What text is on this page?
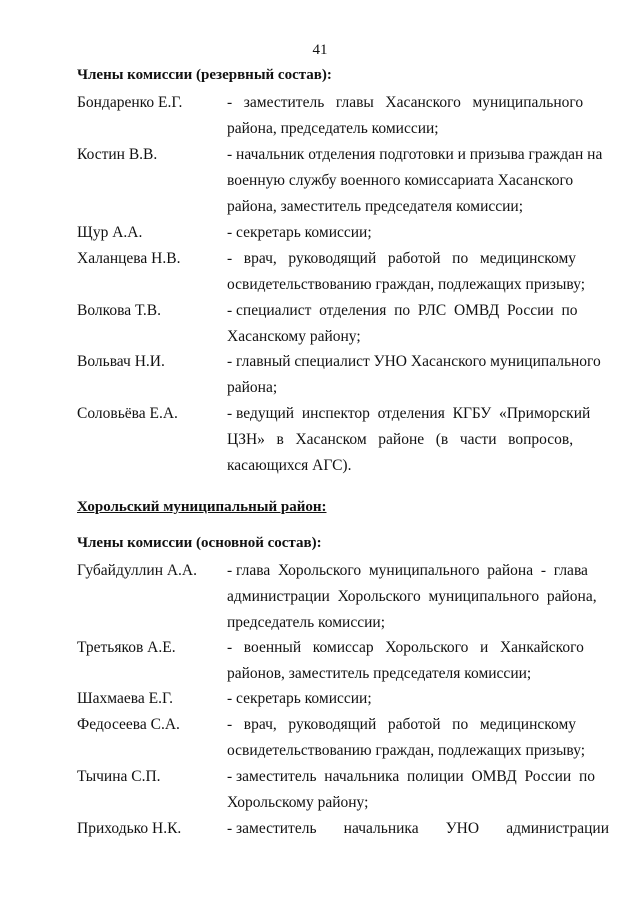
41
Члены комиссии (резервный состав):
Бондаренко Е.Г.	-   заместитель   главы   Хасанского   муниципального
района, председатель комиссии;
Костин В.В.	- начальник отделения подготовки и призыва граждан на
военную службу военного комиссариата Хасанского
района, заместитель председателя комиссии;
Щур А.А.	- секретарь комиссии;
Халанцева Н.В.	-   врач,   руководящий   работой   по   медицинскому
освидетельствованию граждан, подлежащих призыву;
Волкова Т.В.	- специалист  отделения  по  РЛС  ОМВД  России  по
Хасанскому району;
Вольвач Н.И.	- главный специалист УНО Хасанского муниципального
района;
Соловьёва Е.А.	- ведущий  инспектор  отделения  КГБУ  «Приморский
ЦЗН»   в   Хасанском   районе   (в   части   вопросов,
касающихся АГС).
Хорольский муниципальный район:
Члены комиссии (основной состав):
Губайдуллин А.А. - глава  Хорольского  муниципального  района  -  глава
администрации  Хорольского  муниципального  района,
председатель комиссии;
Третьяков А.Е.	-   военный   комиссар   Хорольского   и   Ханкайского
районов, заместитель председателя комиссии;
Шахмаева Е.Г.	- секретарь комиссии;
Федосеева С.А.	-   врач,   руководящий   работой   по   медицинскому
освидетельствованию граждан, подлежащих призыву;
Тычина С.П.	- заместитель  начальника  полиции  ОМВД  России  по
Хорольскому району;
Приходько Н.К.	- заместитель       начальника       УНО       администрации
